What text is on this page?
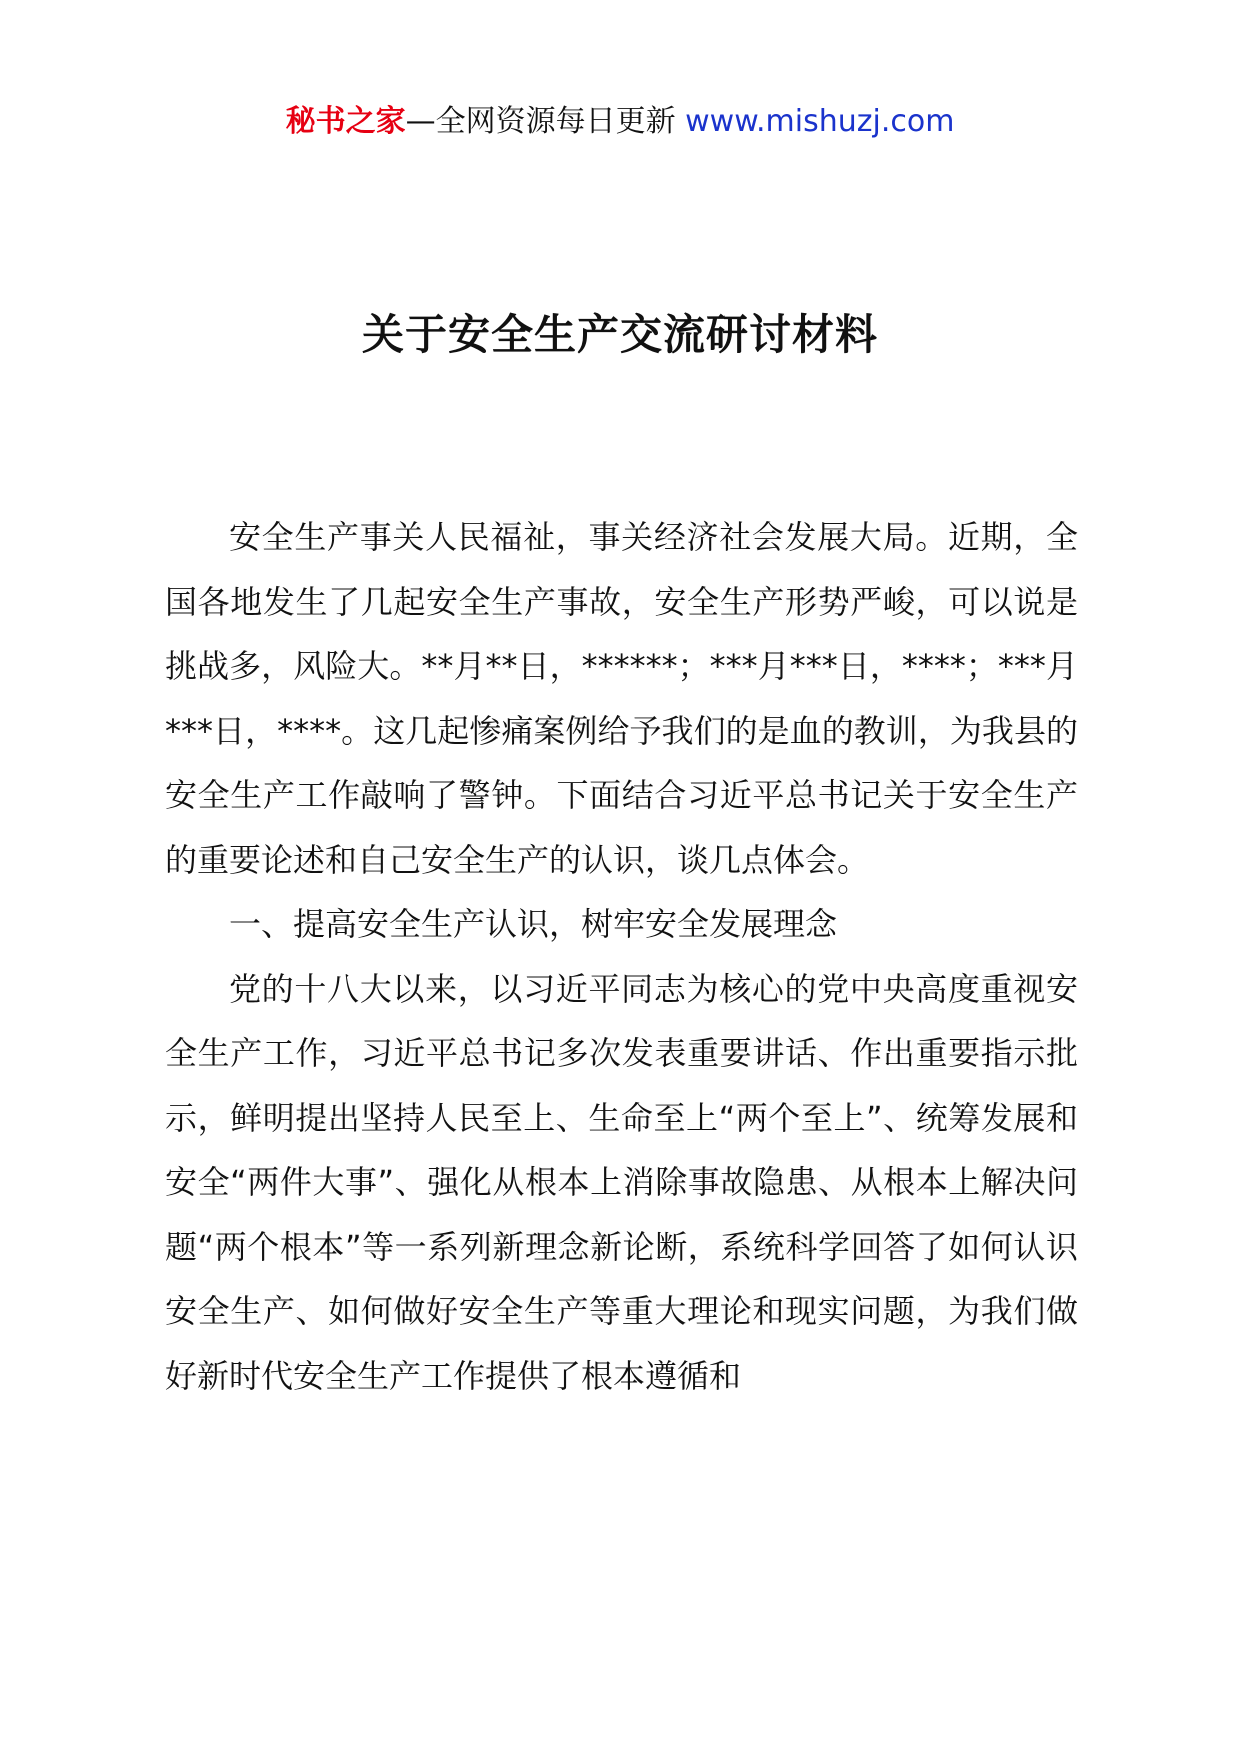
秘书之家—全网资源每日更新 www.mishuzj.com
关于安全生产交流研讨材料

安全生产事关人民福祉，事关经济社会发展大局。近期，全国各地发生了几起安全生产事故，安全生产形势严峻，可以说是挑战多，风险大。**月**日，******；***月***日，****；***月***日，****。这几起惨痛案例给予我们的是血的教训，为我县的安全生产工作敲响了警钟。下面结合习近平总书记关于安全生产的重要论述和自己安全生产的认识，谈几点体会。

一、提高安全生产认识，树牢安全发展理念

党的十八大以来，以习近平同志为核心的党中央高度重视安全生产工作，习近平总书记多次发表重要讲话、作出重要指示批示，鲜明提出坚持人民至上、生命至上“两个至上”、统筹发展和安全“两件大事”、强化从根本上消除事故隐患、从根本上解决问题“两个根本”等一系列新理念新论断，系统科学回答了如何认识安全生产、如何做好安全生产等重大理论和现实问题，为我们做好新时代安全生产工作提供了根本遵循和
